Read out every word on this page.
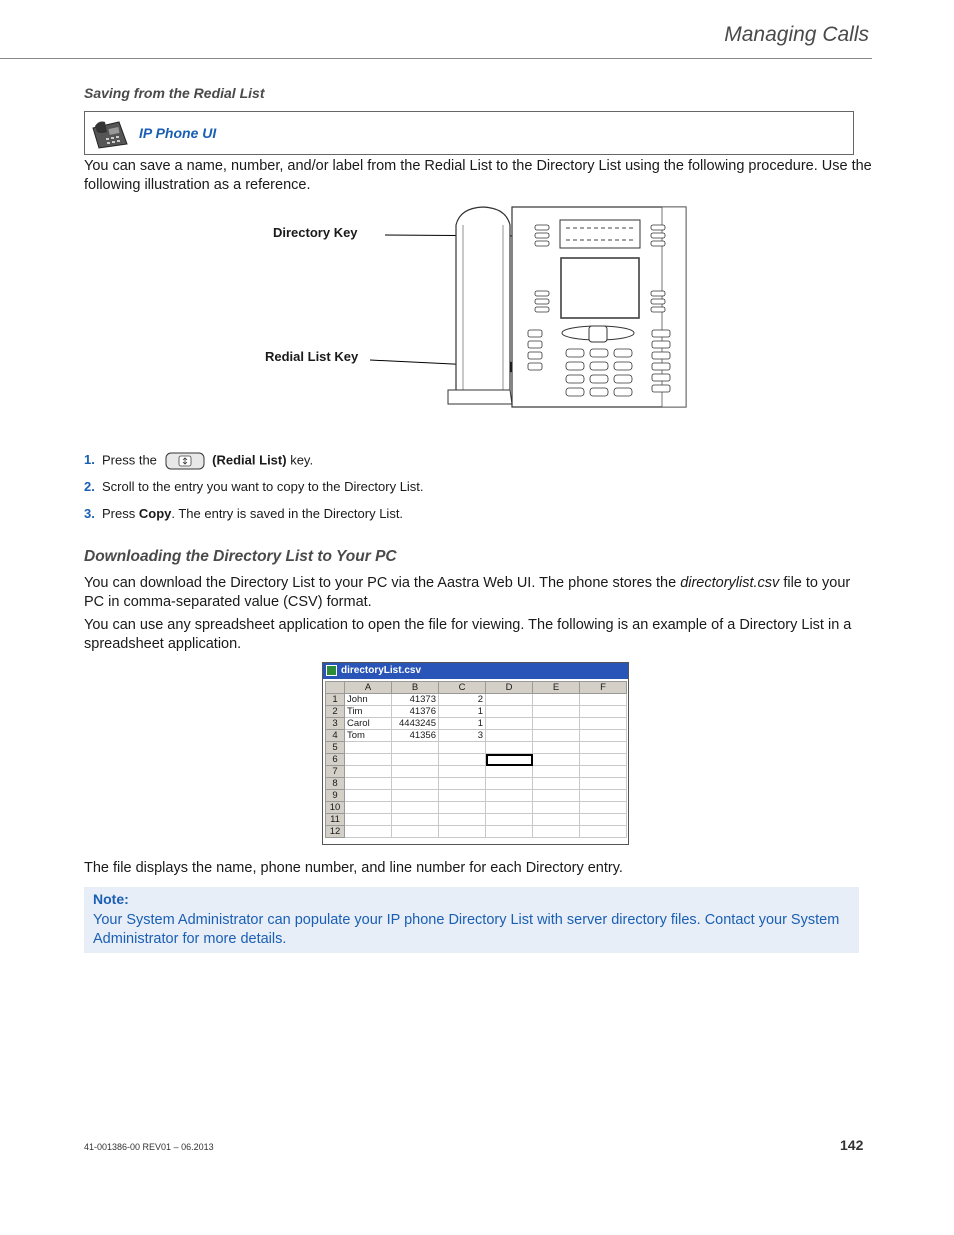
Managing Calls
Saving from the Redial List
IP Phone UI
You can save a name, number, and/or label from the Redial List to the Directory List using the following procedure. Use the following illustration as a reference.
Directory Key
Redial List Key
1. Press the	(Redial List) key.
2. Scroll to the entry you want to copy to the Directory List.
3. Press Copy. The entry is saved in the Directory List.
Downloading the Directory List to Your PC
You can download the Directory List to your PC via the Aastra Web UI. The phone stores the directorylist.csv file to your PC in comma-separated value (CSV) format.
You can use any spreadsheet application to open the file for viewing. The following is an example of a Directory List in a spreadsheet application.
directoryList.csv
	A	B	C	D	E	F
1	John	41373	2			
2	Tim	41376	1			
3	Carol	4443245	1			
4	Tom	41356	3			
5						
6						
7						
8						
9						
10						
11						
12						
The file displays the name, phone number, and line number for each Directory entry.
Note:
Your System Administrator can populate your IP phone Directory List with server directory files. Contact your System Administrator for more details.
41-001386-00 REV01 – 06.2013	142
